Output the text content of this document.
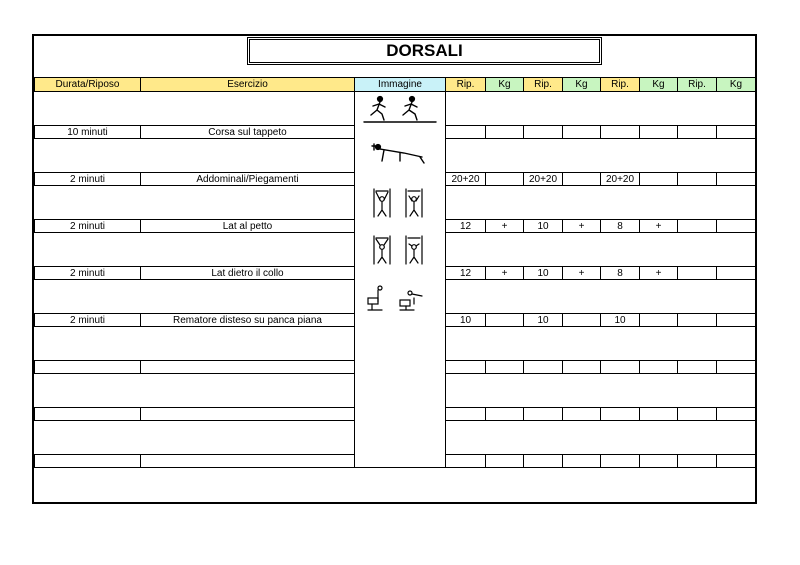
DORSALI
Durata/Riposo	Esercizio	Immagine	Rip.	Kg	Rip.	Kg	Rip.	Kg	Rip.	Kg

10 minuti	Corsa sul tappeto									

2 minuti	Addominali/Piegamenti		20+20		20+20		20+20			

2 minuti	Lat al petto		12	+	10	+	8	+		

2 minuti	Lat dietro il collo		12	+	10	+	8	+		

2 minuti	Rematore disteso su panca piana		10		10		10			
